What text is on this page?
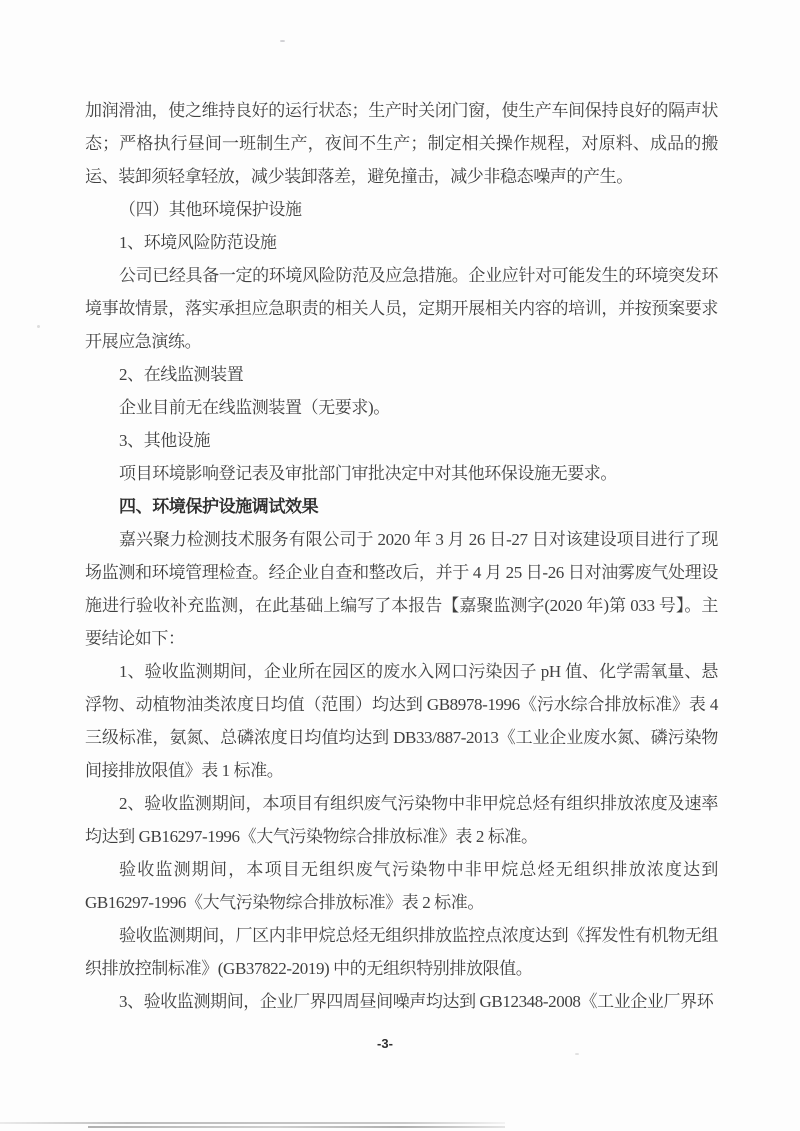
加润滑油，使之维持良好的运行状态；生产时关闭门窗，使生产车间保持良好的隔声状态；严格执行昼间一班制生产，夜间不生产；制定相关操作规程，对原料、成品的搬运、装卸须轻拿轻放，减少装卸落差，避免撞击，减少非稳态噪声的产生。

（四）其他环境保护设施

1、环境风险防范设施

公司已经具备一定的环境风险防范及应急措施。企业应针对可能发生的环境突发环境事故情景，落实承担应急职责的相关人员，定期开展相关内容的培训，并按预案要求开展应急演练。

2、在线监测装置

企业目前无在线监测装置（无要求)。

3、其他设施

项目环境影响登记表及审批部门审批决定中对其他环保设施无要求。

四、环境保护设施调试效果

嘉兴聚力检测技术服务有限公司于 2020 年 3 月 26 日-27 日对该建设项目进行了现场监测和环境管理检查。经企业自查和整改后，并于 4 月 25 日-26 日对油雾废气处理设施进行验收补充监测，在此基础上编写了本报告【嘉聚监测字(2020 年)第 033 号】。主要结论如下：

1、验收监测期间，企业所在园区的废水入网口污染因子 pH 值、化学需氧量、悬浮物、动植物油类浓度日均值（范围）均达到 GB8978-1996《污水综合排放标准》表 4 三级标准，氨氮、总磷浓度日均值均达到 DB33/887-2013《工业企业废水氮、磷污染物间接排放限值》表 1 标准。

2、验收监测期间，本项目有组织废气污染物中非甲烷总烃有组织排放浓度及速率均达到 GB16297-1996《大气污染物综合排放标准》表 2 标准。

验收监测期间，本项目无组织废气污染物中非甲烷总烃无组织排放浓度达到 GB16297-1996《大气污染物综合排放标准》表 2 标准。

验收监测期间，厂区内非甲烷总烃无组织排放监控点浓度达到《挥发性有机物无组织排放控制标准》(GB37822-2019) 中的无组织特别排放限值。

3、验收监测期间，企业厂界四周昼间噪声均达到 GB12348-2008《工业企业厂界环

-3-
